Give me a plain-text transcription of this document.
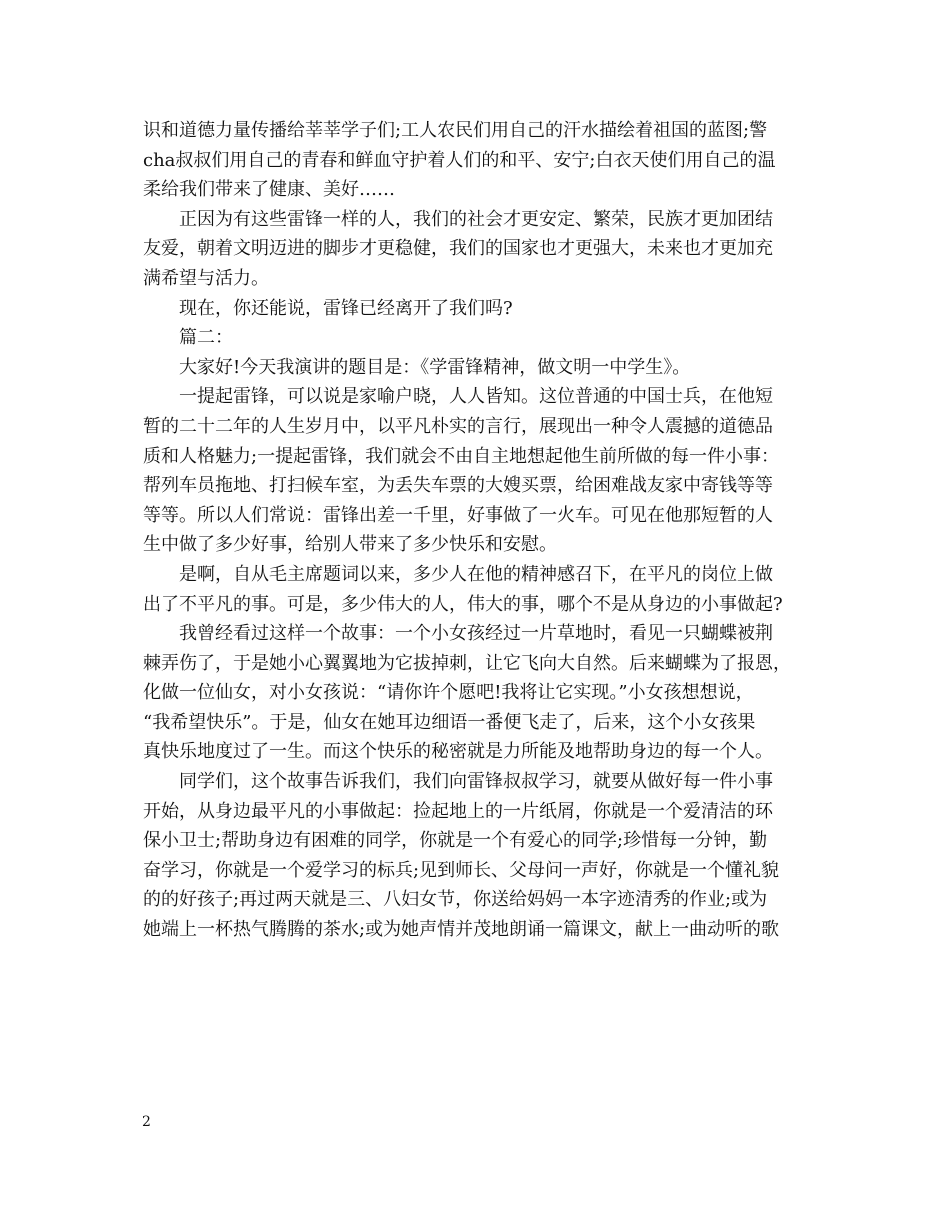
识和道德力量传播给莘莘学子们;工人农民们用自己的汗水描绘着祖国的蓝图;警
cha叔叔们用自己的青春和鲜血守护着人们的和平、安宁;白衣天使们用自己的温
柔给我们带来了健康、美好……
正因为有这些雷锋一样的人，我们的社会才更安定、繁荣，民族才更加团结
友爱，朝着文明迈进的脚步才更稳健，我们的国家也才更强大，未来也才更加充
满希望与活力。
现在，你还能说，雷锋已经离开了我们吗?
篇二：
大家好!今天我演讲的题目是：《学雷锋精神，做文明一中学生》。
一提起雷锋，可以说是家喻户晓，人人皆知。这位普通的中国士兵，在他短
暂的二十二年的人生岁月中，以平凡朴实的言行，展现出一种令人震撼的道德品
质和人格魅力;一提起雷锋，我们就会不由自主地想起他生前所做的每一件小事：
帮列车员拖地、打扫候车室，为丢失车票的大嫂买票，给困难战友家中寄钱等等
等等。所以人们常说：雷锋出差一千里，好事做了一火车。可见在他那短暂的人
生中做了多少好事，给别人带来了多少快乐和安慰。
是啊，自从毛主席题词以来，多少人在他的精神感召下，在平凡的岗位上做
出了不平凡的事。可是，多少伟大的人，伟大的事，哪个不是从身边的小事做起?
我曾经看过这样一个故事：一个小女孩经过一片草地时，看见一只蝴蝶被荆
棘弄伤了，于是她小心翼翼地为它拔掉刺，让它飞向大自然。后来蝴蝶为了报恩，
化做一位仙女，对小女孩说：“请你许个愿吧!我将让它实现。”小女孩想想说，
“我希望快乐”。于是，仙女在她耳边细语一番便飞走了，后来，这个小女孩果
真快乐地度过了一生。而这个快乐的秘密就是力所能及地帮助身边的每一个人。
同学们，这个故事告诉我们，我们向雷锋叔叔学习，就要从做好每一件小事
开始，从身边最平凡的小事做起：捡起地上的一片纸屑，你就是一个爱清洁的环
保小卫士;帮助身边有困难的同学，你就是一个有爱心的同学;珍惜每一分钟，勤
奋学习，你就是一个爱学习的标兵;见到师长、父母问一声好，你就是一个懂礼貌
的的好孩子;再过两天就是三、八妇女节，你送给妈妈一本字迹清秀的作业;或为
她端上一杯热气腾腾的茶水;或为她声情并茂地朗诵一篇课文，献上一曲动听的歌
2
